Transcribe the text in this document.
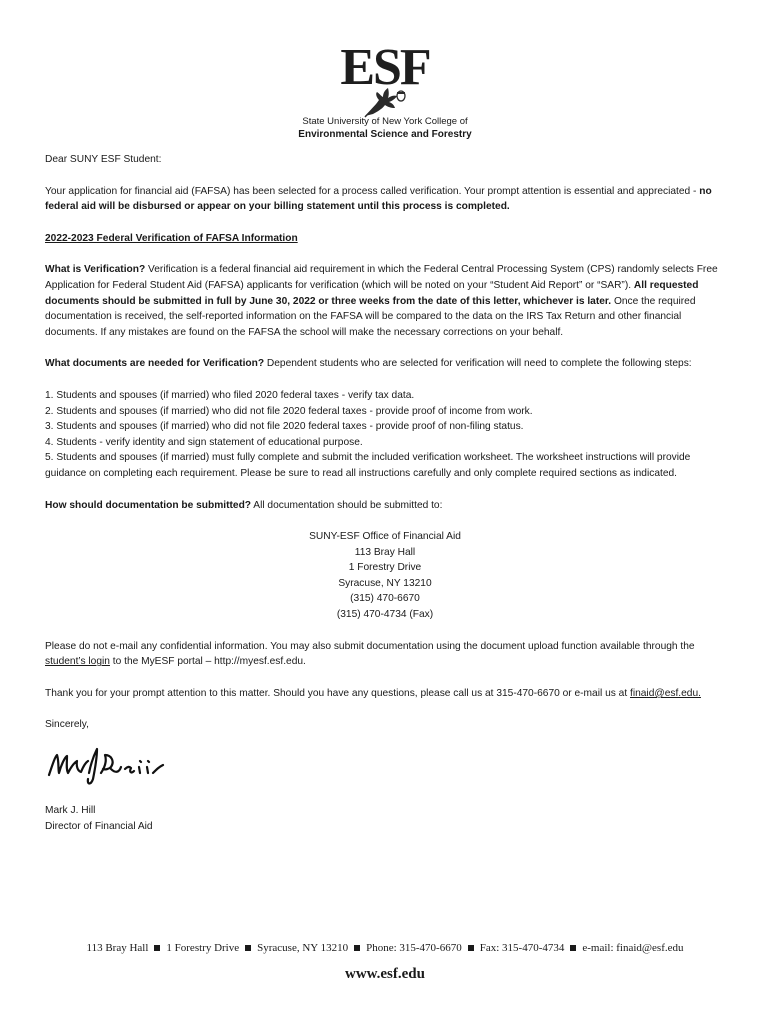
ESF
State University of New York College of
Environmental Science and Forestry

Dear SUNY ESF Student:

Your application for financial aid (FAFSA) has been selected for a process called verification. Your prompt attention is essential and appreciated - no federal aid will be disbursed or appear on your billing statement until this process is completed.

2022-2023 Federal Verification of FAFSA Information

What is Verification? Verification is a federal financial aid requirement in which the Federal Central Processing System (CPS) randomly selects Free Application for Federal Student Aid (FAFSA) applicants for verification (which will be noted on your “Student Aid Report” or “SAR”). All requested documents should be submitted in full by June 30, 2022 or three weeks from the date of this letter, whichever is later. Once the required documentation is received, the self-reported information on the FAFSA will be compared to the data on the IRS Tax Return and other financial documents. If any mistakes are found on the FAFSA the school will make the necessary corrections on your behalf.

What documents are needed for Verification? Dependent students who are selected for verification will need to complete the following steps:

1. Students and spouses (if married) who filed 2020 federal taxes - verify tax data.

2. Students and spouses (if married) who did not file 2020 federal taxes - provide proof of income from work.

3. Students and spouses (if married) who did not file 2020 federal taxes - provide proof of non-filing status.

4. Students - verify identity and sign statement of educational purpose.

5. Students and spouses (if married) must fully complete and submit the included verification worksheet. The worksheet instructions will provide guidance on completing each requirement. Please be sure to read all instructions carefully and only complete required sections as indicated.

How should documentation be submitted? All documentation should be submitted to:

SUNY-ESF Office of Financial Aid

113 Bray Hall

1 Forestry Drive

Syracuse, NY 13210

(315) 470-6670

(315) 470-4734 (Fax)

Please do not e-mail any confidential information. You may also submit documentation using the document upload function available through the student’s login to the MyESF portal – http://myesf.esf.edu.

Thank you for your prompt attention to this matter. Should you have any questions, please call us at 315-470-6670 or e-mail us at finaid@esf.edu.

Sincerely,

Mark J. Hill

Director of Financial Aid

113 Bray Hall 1 Forestry Drive Syracuse, NY 13210 Phone: 315-470-6670 Fax: 315-470-4734 e-mail: finaid@esf.edu
www.esf.edu
